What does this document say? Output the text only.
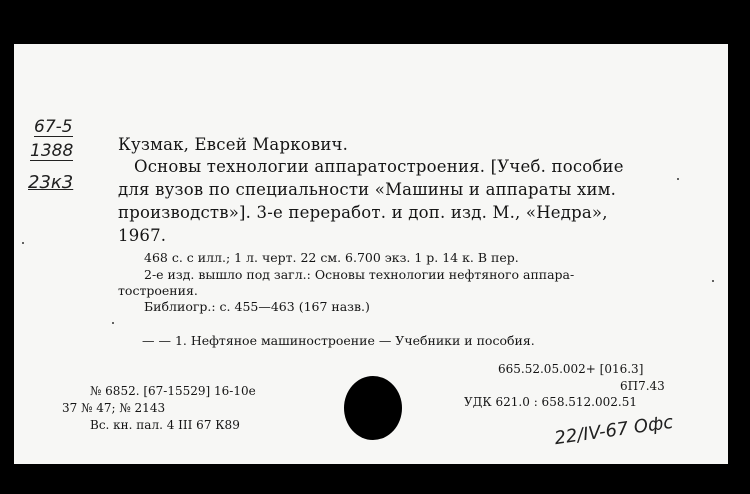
67-5
1388
23к3
Кузмак, Евсей Маркович.
Основы технологии аппаратостроения. [Учеб. пособие
для вузов по специальности «Машины и аппараты хим.
производств»]. 3-е переработ. и доп. изд. М., «Недра»,
1967.
468 с. с илл.; 1 л. черт. 22 см. 6.700 экз. 1 р. 14 к. В пер.
2-е изд. вышло под загл.: Основы технологии нефтяного аппара-
тостроения.
Библиогр.: с. 455—463 (167 назв.)
— — 1. Нефтяное машиностроение — Учебники и пособия.
665.52.05.002+ [016.3]
6П7.43
УДК 621.0 : 658.512.002.51
№ 6852. [67-15529] 16-10е
37 № 47; № 2143
Вс. кн. пал. 4 III 67 К89	22/IV-67 Офс
